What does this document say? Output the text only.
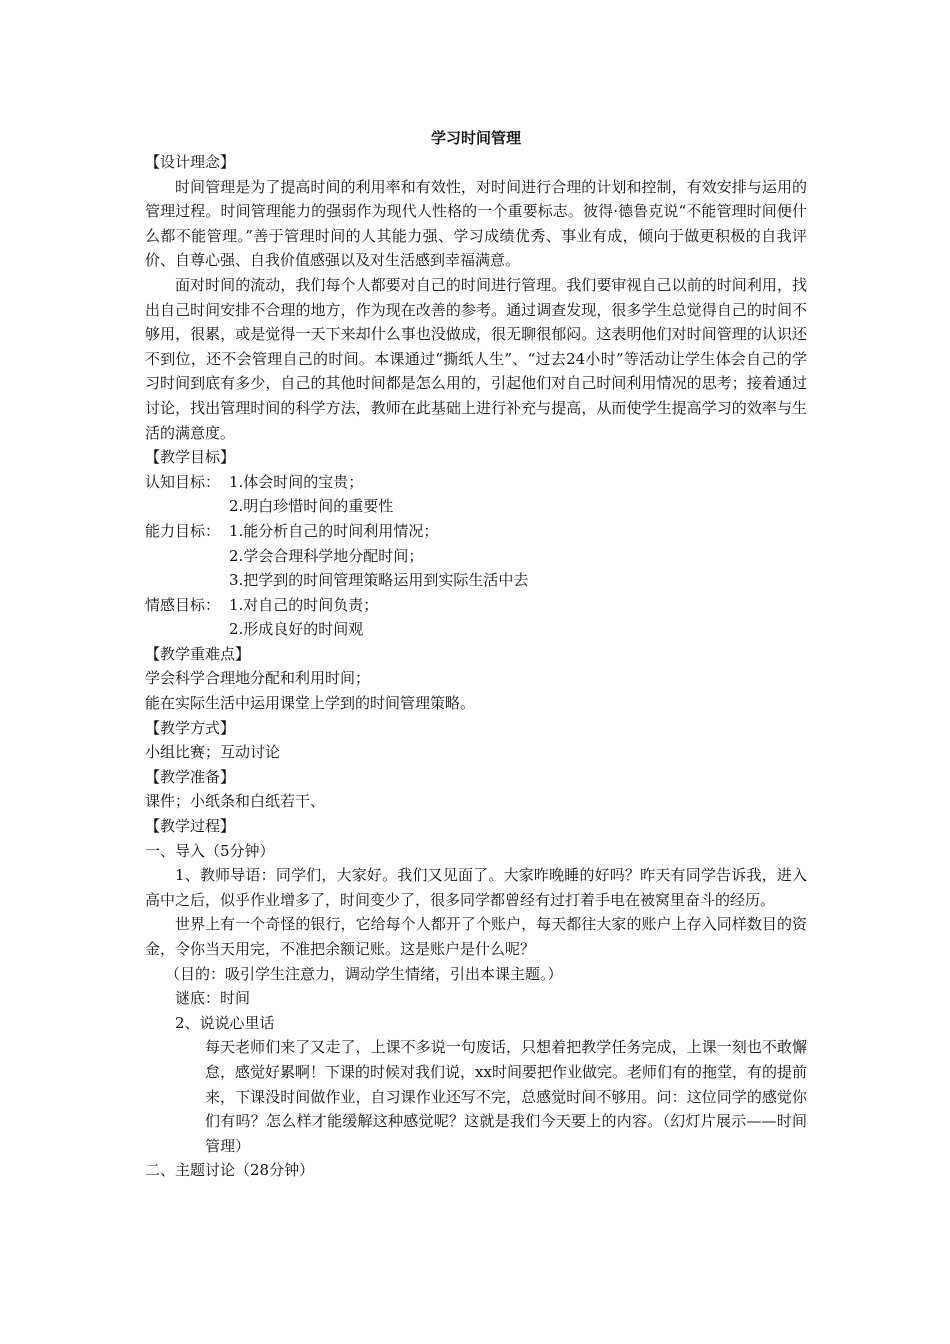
学习时间管理
【设计理念】

时间管理是为了提高时间的利用率和有效性，对时间进行合理的计划和控制，有效安排与运用的管理过程。时间管理能力的强弱作为现代人性格的一个重要标志。彼得·德鲁克说“不能管理时间便什么都不能管理。”善于管理时间的人其能力强、学习成绩优秀、事业有成，倾向于做更积极的自我评价、自尊心强、自我价值感强以及对生活感到幸福满意。

面对时间的流动，我们每个人都要对自己的时间进行管理。我们要审视自己以前的时间利用，找出自己时间安排不合理的地方，作为现在改善的参考。通过调查发现，很多学生总觉得自己的时间不够用，很累，或是觉得一天下来却什么事也没做成，很无聊很郁闷。这表明他们对时间管理的认识还不到位，还不会管理自己的时间。本课通过“撕纸人生”、“过去24小时”等活动让学生体会自己的学习时间到底有多少，自己的其他时间都是怎么用的，引起他们对自己时间利用情况的思考；接着通过讨论，找出管理时间的科学方法，教师在此基础上进行补充与提高，从而使学生提高学习的效率与生活的满意度。

【教学目标】
认知目标： 1.体会时间的宝贵；
2.明白珍惜时间的重要性
能力目标： 1.能分析自己的时间利用情况；
2.学会合理科学地分配时间；
3.把学到的时间管理策略运用到实际生活中去
情感目标： 1.对自己的时间负责；
2.形成良好的时间观
【教学重难点】

学会科学合理地分配和利用时间；

能在实际生活中运用课堂上学到的时间管理策略。

【教学方式】

小组比赛；互动讨论

【教学准备】

课件；小纸条和白纸若干、

【教学过程】

一、导入（5分钟）

1、教师导语：同学们，大家好。我们又见面了。大家昨晚睡的好吗？昨天有同学告诉我，进入高中之后，似乎作业增多了，时间变少了，很多同学都曾经有过打着手电在被窝里奋斗的经历。

世界上有一个奇怪的银行，它给每个人都开了个账户，每天都往大家的账户上存入同样数目的资金，令你当天用完，不准把余额记账。这是账户是什么呢？

（目的：吸引学生注意力，调动学生情绪，引出本课主题。）

谜底：时间

2、说说心里话

每天老师们来了又走了，上课不多说一句废话，只想着把教学任务完成，上课一刻也不敢懈怠，感觉好累啊！下课的时候对我们说，xx时间要把作业做完。老师们有的拖堂，有的提前来，下课没时间做作业，自习课作业还写不完，总感觉时间不够用。问：这位同学的感觉你们有吗？怎么样才能缓解这种感觉呢？这就是我们今天要上的内容。（幻灯片展示——时间管理）

二、主题讨论（28分钟）
